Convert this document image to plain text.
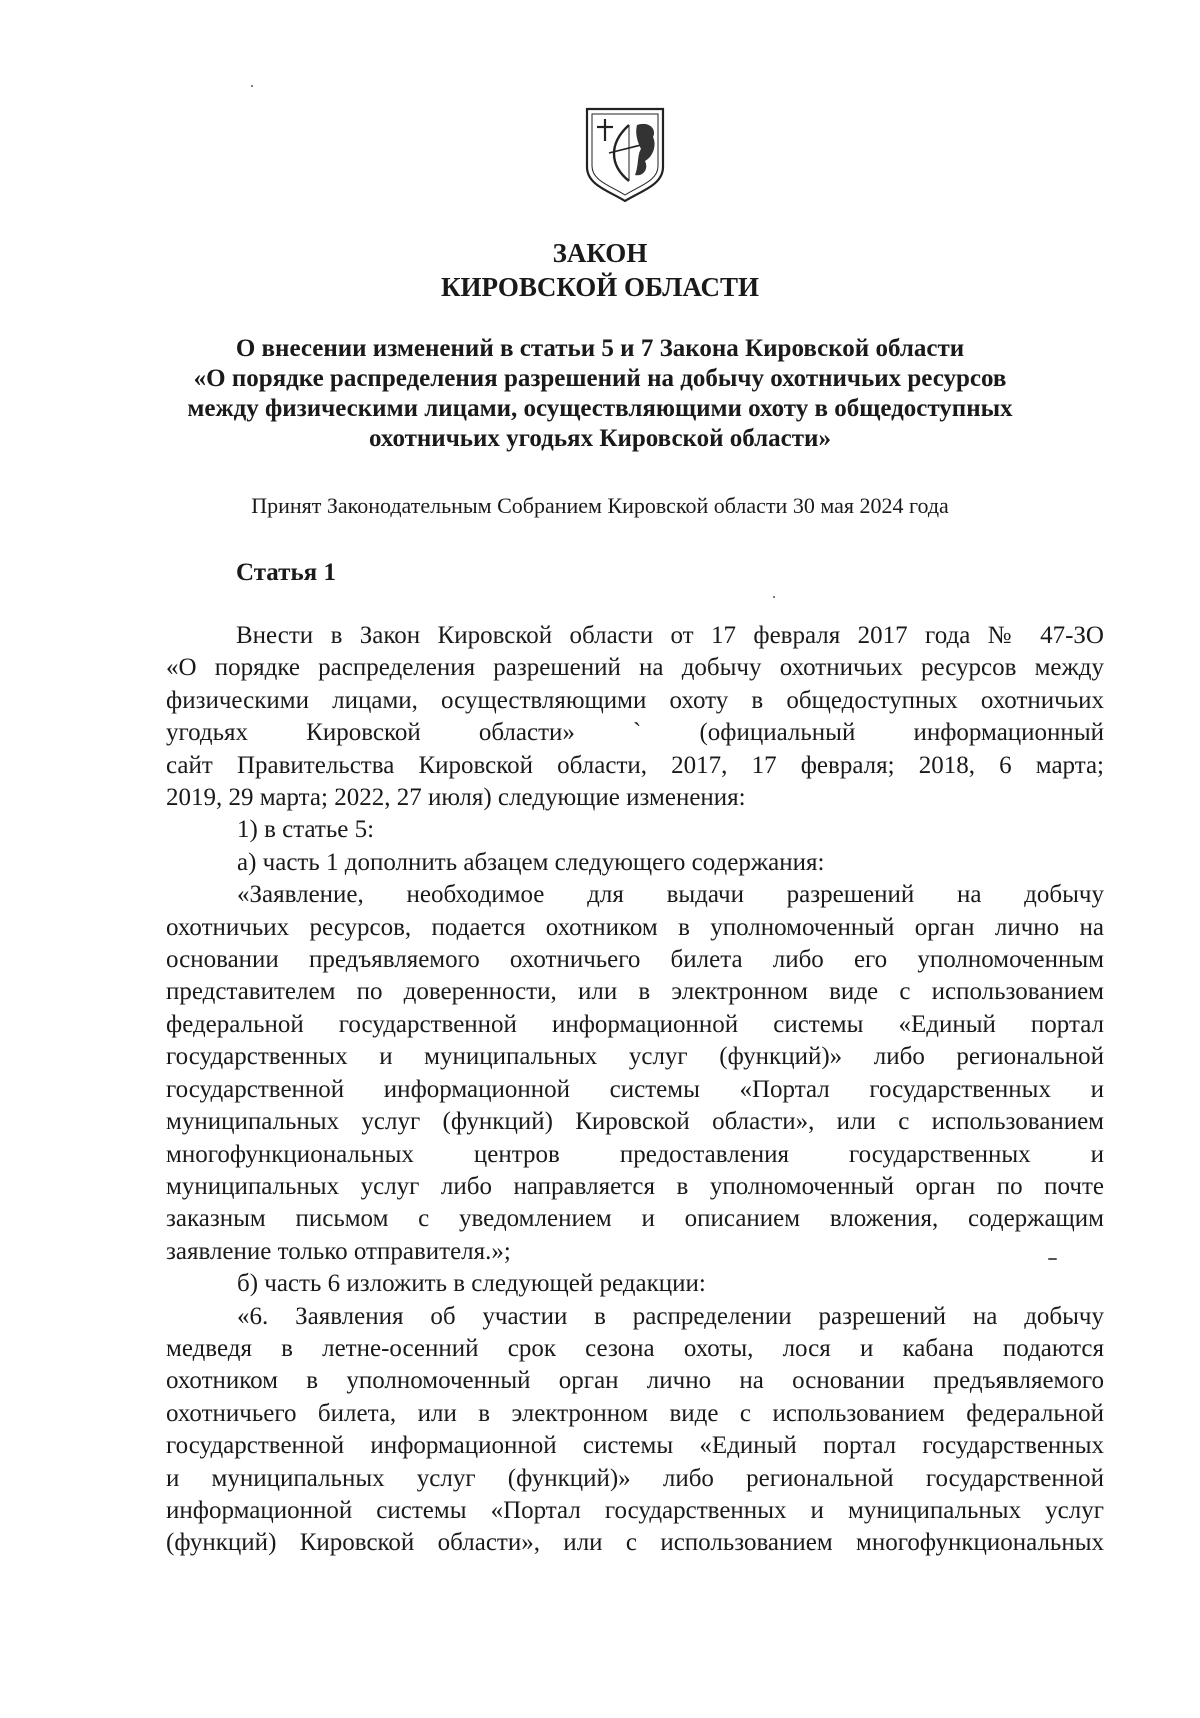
ЗАКОН
КИРОВСКОЙ ОБЛАСТИ
О внесении изменений в статьи 5 и 7 Закона Кировской области
«О порядке распределения разрешений на добычу охотничьих ресурсов
между физическими лицами, осуществляющими охоту в общедоступных
охотничьих угодьях Кировской области»
Принят Законодательным Собранием Кировской области 30 мая 2024 года
Статья 1
Внести в Закон Кировской области от 17 февраля 2017 года № 47-ЗО
«О порядке распределения разрешений на добычу охотничьих ресурсов между
физическими лицами, осуществляющими охоту в общедоступных охотничьих
угодьях Кировской области» ` (официальный информационный
сайт Правительства Кировской области, 2017, 17 февраля; 2018, 6 марта;
2019, 29 марта; 2022, 27 июля) следующие изменения:
1) в статье 5:
а) часть 1 дополнить абзацем следующего содержания:
«Заявление, необходимое для выдачи разрешений на добычу
охотничьих ресурсов, подается охотником в уполномоченный орган лично на
основании предъявляемого охотничьего билета либо его уполномоченным
представителем по доверенности, или в электронном виде с использованием
федеральной государственной информационной системы «Единый портал
государственных и муниципальных услуг (функций)» либо региональной
государственной информационной системы «Портал государственных и
муниципальных услуг (функций) Кировской области», или с использованием
многофункциональных центров предоставления государственных и
муниципальных услуг либо направляется в уполномоченный орган по почте
заказным письмом с уведомлением и описанием вложения, содержащим
заявление только отправителя.»;
б) часть 6 изложить в следующей редакции:
«6. Заявления об участии в распределении разрешений на добычу
медведя в летне-осенний срок сезона охоты, лося и кабана подаются
охотником в уполномоченный орган лично на основании предъявляемого
охотничьего билета, или в электронном виде с использованием федеральной
государственной информационной системы «Единый портал государственных
и муниципальных услуг (функций)» либо региональной государственной
информационной системы «Портал государственных и муниципальных услуг
(функций) Кировской области», или с использованием многофункциональных
